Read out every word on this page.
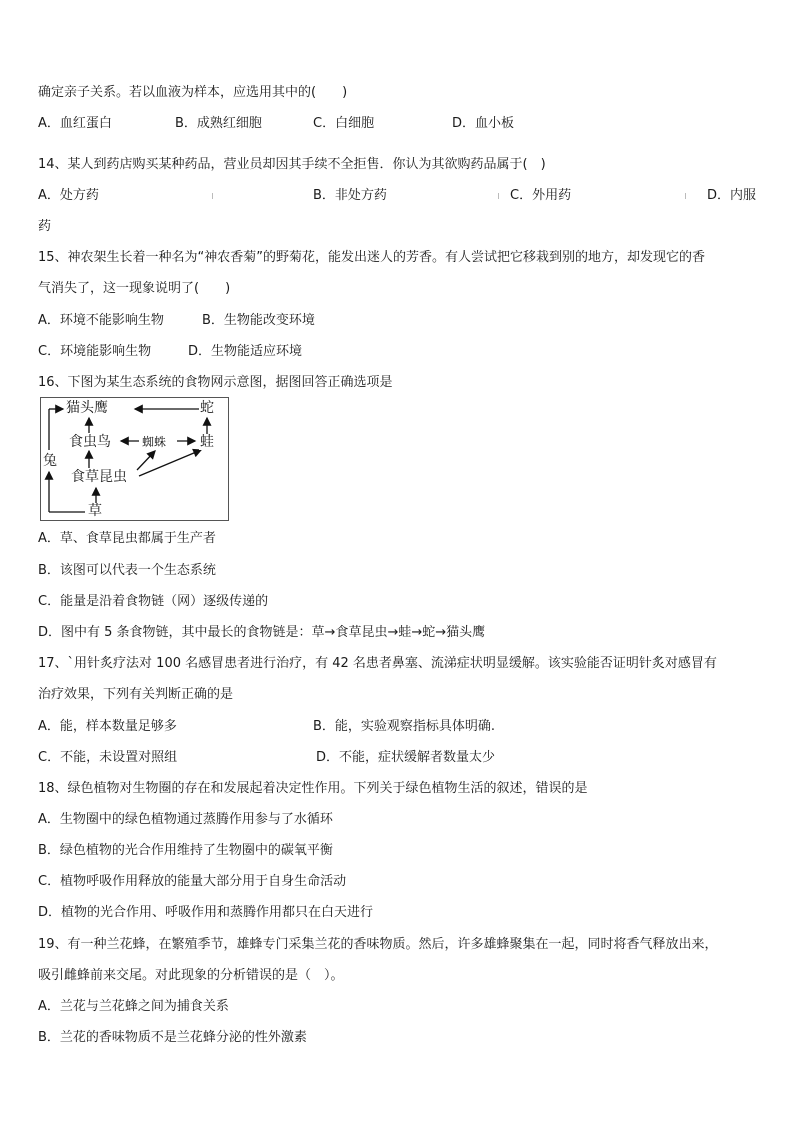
确定亲子关系。若以血液为样本，应选用其中的(　　)
A．血红蛋白	B．成熟红细胞	C．白细胞	D．血小板
14、某人到药店购买某种药品，营业员却因其手续不全拒售．你认为其欲购药品属于(　)
A．处方药	B．非处方药	C．外用药	D．内服
药
15、神农架生长着一种名为“神农香菊”的野菊花，能发出迷人的芳香。有人尝试把它移栽到别的地方，却发现它的香
气消失了，这一现象说明了(　　)
A．环境不能影响生物	B．生物能改变环境
C．环境能影响生物	D．生物能适应环境
16、下图为某生态系统的食物网示意图，据图回答正确选项是
猫头鹰	蛇
食虫鸟	蜘蛛 蛙
食草昆虫
兔
草
A．草、食草昆虫都属于生产者
B．该图可以代表一个生态系统
C．能量是沿着食物链（网）逐级传递的
D．图中有 5 条食物链，其中最长的食物链是：草→食草昆虫→蛙→蛇→猫头鹰
17、`用针炙疗法对 100 名感冒患者进行治疗，有 42 名患者鼻塞、流涕症状明显缓解。该实验能否证明针炙对感冒有
治疗效果，下列有关判断正确的是
A．能，样本数量足够多	B．能，实验观察指标具体明确.
C．不能，未设置对照组	D．不能，症状缓解者数量太少
18、绿色植物对生物圈的存在和发展起着决定性作用。下列关于绿色植物生活的叙述，错误的是
A．生物圈中的绿色植物通过蒸腾作用参与了水循环
B．绿色植物的光合作用维持了生物圈中的碳氧平衡
C．植物呼吸作用释放的能量大部分用于自身生命活动
D．植物的光合作用、呼吸作用和蒸腾作用都只在白天进行
19、有一种兰花蜂，在繁殖季节，雄蜂专门采集兰花的香味物质。然后，许多雄蜂聚集在一起，同时将香气释放出来，
吸引雌蜂前来交尾。对此现象的分析错误的是（　）。
A．兰花与兰花蜂之间为捕食关系
B．兰花的香味物质不是兰花蜂分泌的性外激素
